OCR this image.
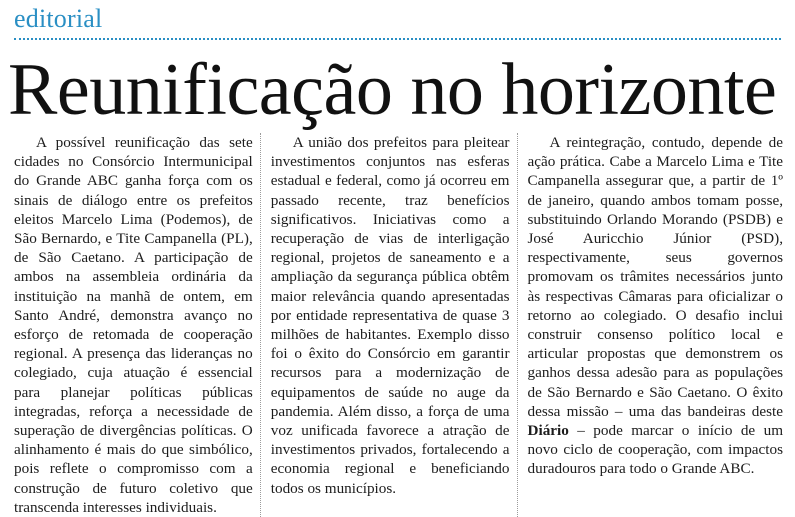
editorial
Reunificação no horizonte

A possível reunificação das sete cidades no Consórcio Intermunicipal do Grande ABC ganha força com os sinais de diálogo entre os prefeitos eleitos Marcelo Lima (Podemos), de São Bernardo, e Tite Campanella (PL), de São Caetano. A participação de ambos na assembleia ordinária da instituição na manhã de ontem, em Santo André, demonstra avanço no esforço de retomada de cooperação regional. A presença das lideranças no colegiado, cuja atuação é essencial para planejar políticas públicas integradas, reforça a necessidade de superação de divergências políticas. O alinhamento é mais do que simbólico, pois reflete o compromisso com a construção de futuro coletivo que transcenda interesses individuais.

A união dos prefeitos para pleitear investimentos conjuntos nas esferas estadual e federal, como já ocorreu em passado recente, traz benefícios significativos. Iniciativas como a recuperação de vias de interligação regional, projetos de saneamento e a ampliação da segurança pública obtêm maior relevância quando apresentadas por entidade representativa de quase 3 milhões de habitantes. Exemplo disso foi o êxito do Consórcio em garantir recursos para a modernização de equipamentos de saúde no auge da pandemia. Além disso, a força de uma voz unificada favorece a atração de investimentos privados, fortalecendo a economia regional e beneficiando todos os municípios.

A reintegração, contudo, depende de ação prática. Cabe a Marcelo Lima e Tite Campanella assegurar que, a partir de 1º de janeiro, quando ambos tomam posse, substituindo Orlando Morando (PSDB) e José Auricchio Júnior (PSD), respectivamente, seus governos promovam os trâmites necessários junto às respectivas Câmaras para oficializar o retorno ao colegiado. O desafio inclui construir consenso político local e articular propostas que demonstrem os ganhos dessa adesão para as populações de São Bernardo e São Caetano. O êxito dessa missão – uma das bandeiras deste Diário – pode marcar o início de um novo ciclo de cooperação, com impactos duradouros para todo o Grande ABC.
